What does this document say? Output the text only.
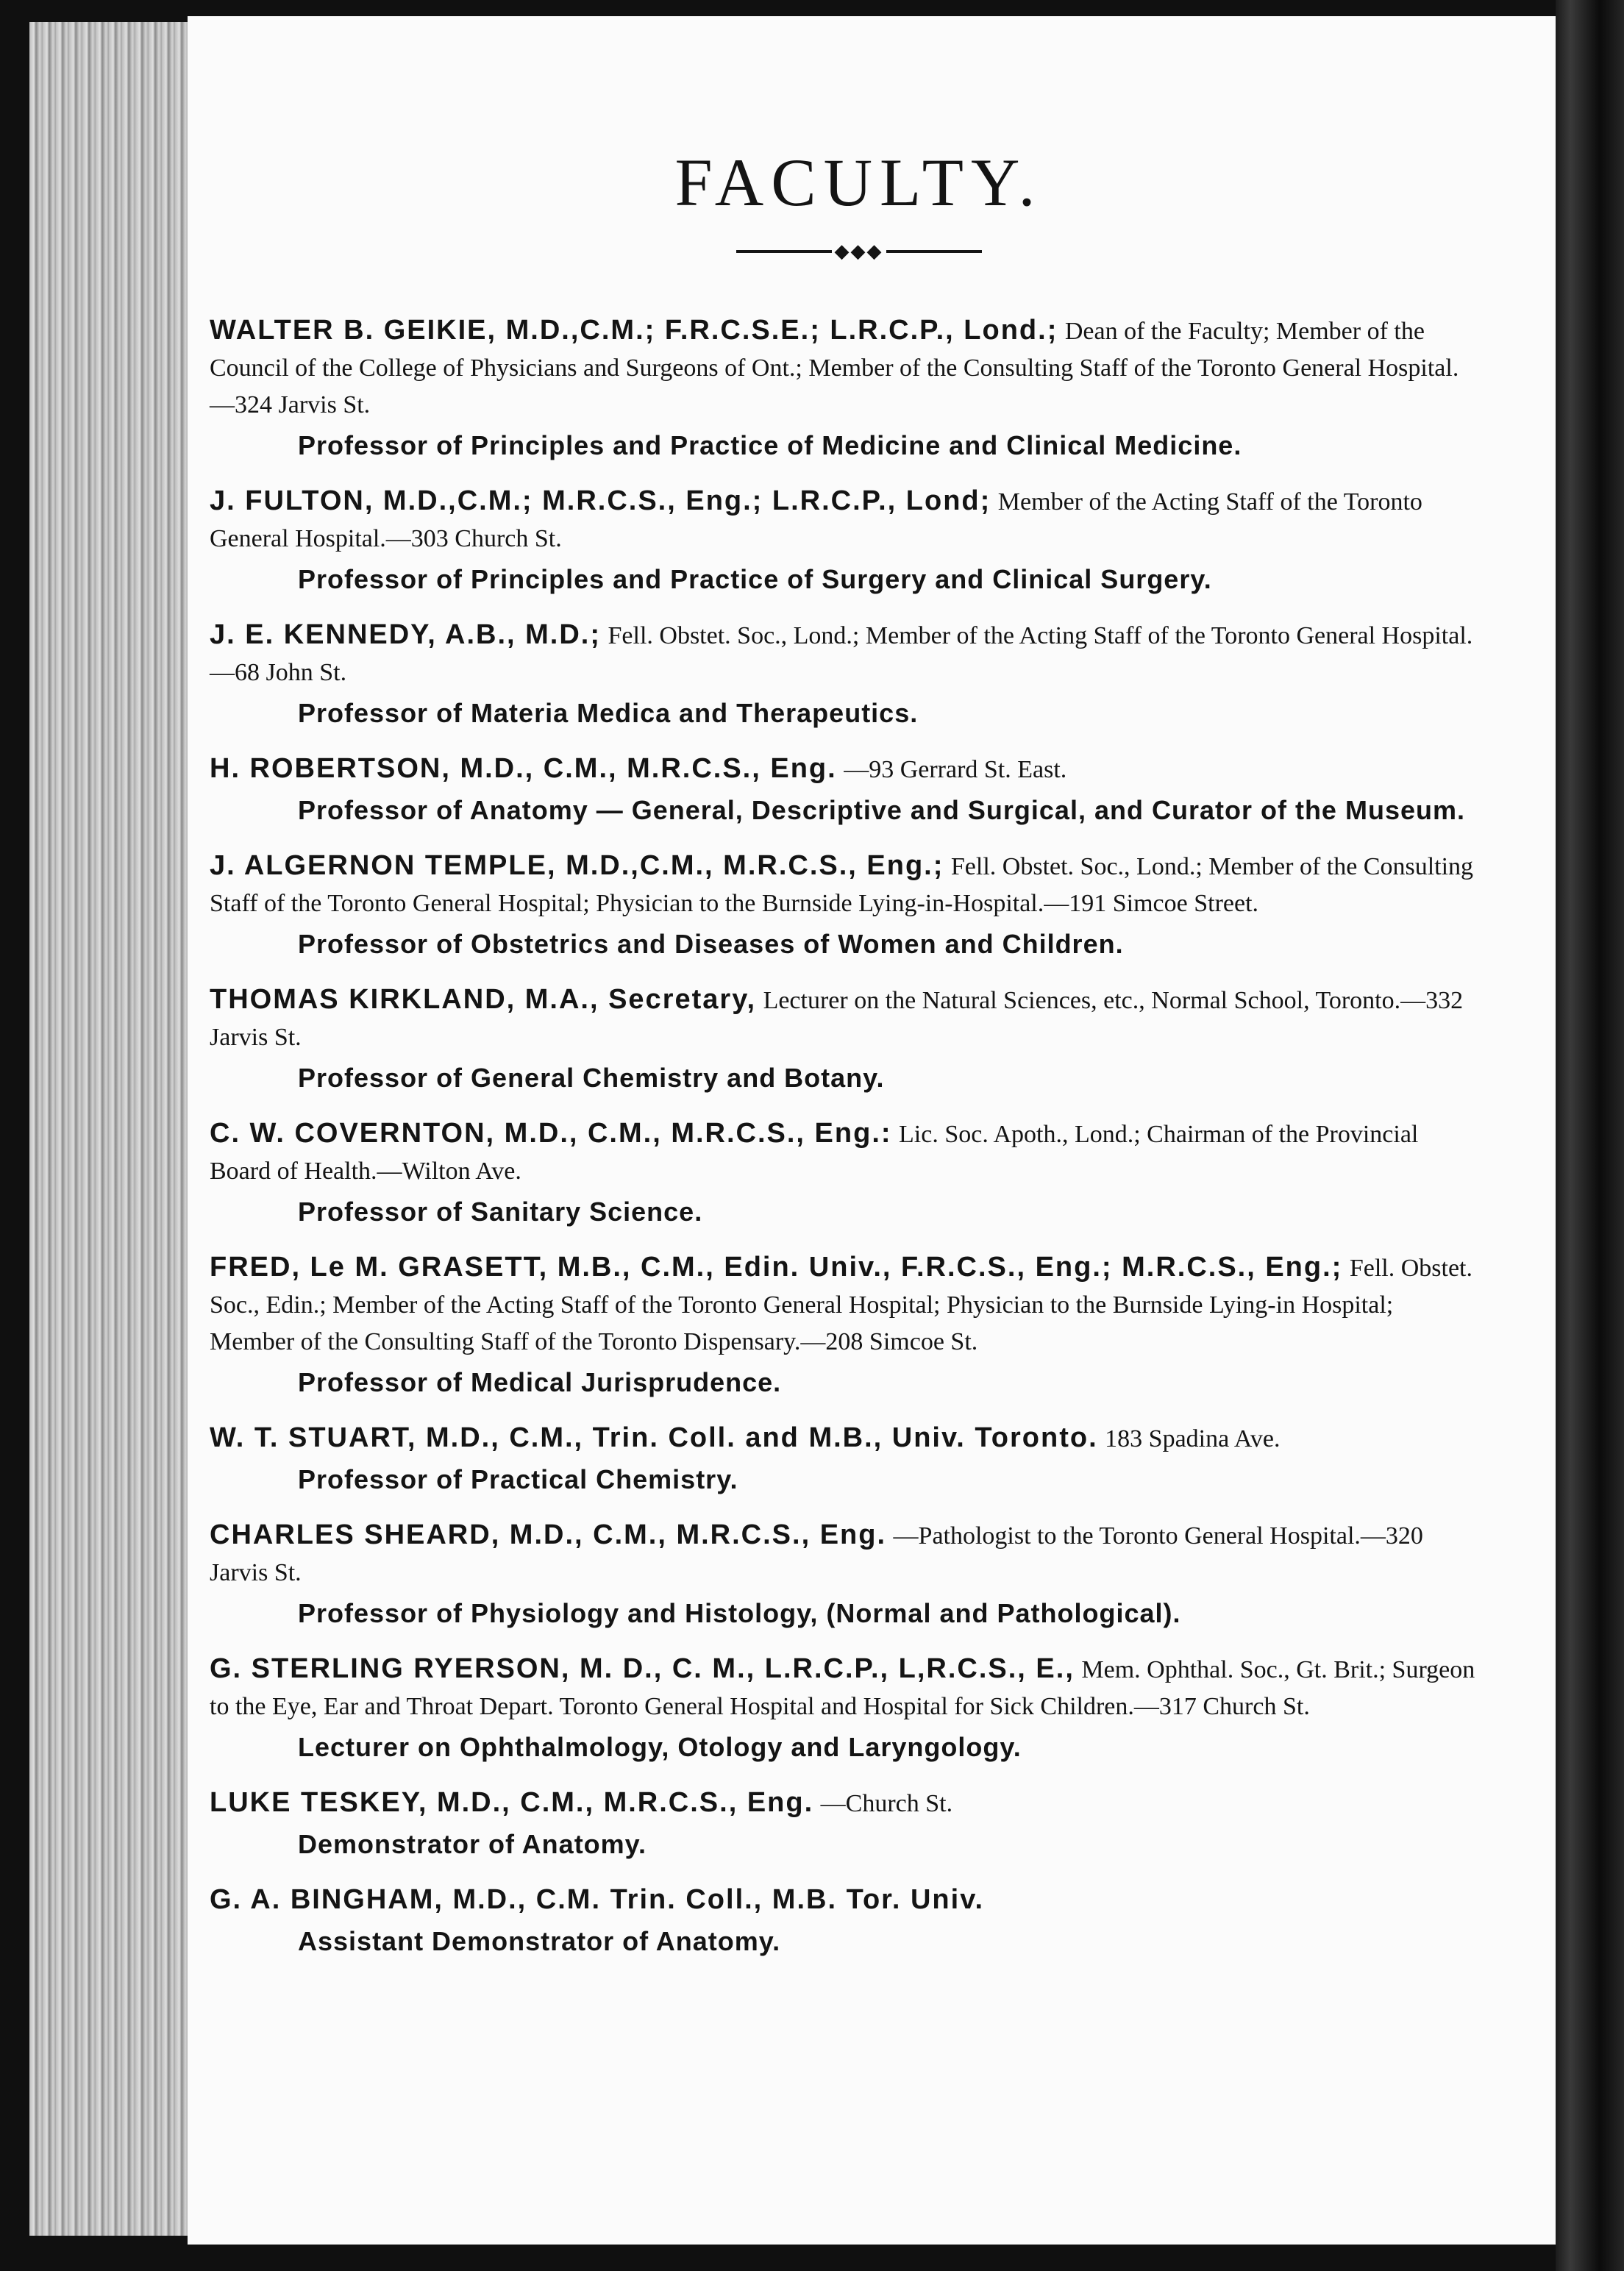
FACULTY.
◆◆◆

WALTER B. GEIKIE, M.D.,C.M.; F.R.C.S.E.; L.R.C.P., Lond.; Dean of the Faculty; Member of the Council of the College of Physicians and Surgeons of Ont.; Member of the Consulting Staff of the Toronto General Hospital.—324 Jarvis St.

Professor of Principles and Practice of Medicine and Clinical Medicine.

J. FULTON, M.D.,C.M.; M.R.C.S., Eng.; L.R.C.P., Lond; Member of the Acting Staff of the Toronto General Hospital.—303 Church St.

Professor of Principles and Practice of Surgery and Clinical Surgery.

J. E. KENNEDY, A.B., M.D.; Fell. Obstet. Soc., Lond.; Member of the Acting Staff of the Toronto General Hospital.—68 John St.

Professor of Materia Medica and Therapeutics.

H. ROBERTSON, M.D., C.M., M.R.C.S., Eng. —93 Gerrard St. East.

Professor of Anatomy — General, Descriptive and Surgical, and Curator of the Museum.

J. ALGERNON TEMPLE, M.D.,C.M., M.R.C.S., Eng.; Fell. Obstet. Soc., Lond.; Member of the Consulting Staff of the Toronto General Hospital; Physician to the Burnside Lying-in-Hospital.—191 Simcoe Street.

Professor of Obstetrics and Diseases of Women and Children.

THOMAS KIRKLAND, M.A., Secretary, Lecturer on the Natural Sciences, etc., Normal School, Toronto.—332 Jarvis St.

Professor of General Chemistry and Botany.

C. W. COVERNTON, M.D., C.M., M.R.C.S., Eng.: Lic. Soc. Apoth., Lond.; Chairman of the Provincial Board of Health.—Wilton Ave.

Professor of Sanitary Science.

FRED, Le M. GRASETT, M.B., C.M., Edin. Univ., F.R.C.S., Eng.; M.R.C.S., Eng.; Fell. Obstet. Soc., Edin.; Member of the Acting Staff of the Toronto General Hospital; Physician to the Burnside Lying-in Hospital; Member of the Consulting Staff of the Toronto Dispensary.—208 Simcoe St.

Professor of Medical Jurisprudence.

W. T. STUART, M.D., C.M., Trin. Coll. and M.B., Univ. Toronto. 183 Spadina Ave.

Professor of Practical Chemistry.

CHARLES SHEARD, M.D., C.M., M.R.C.S., Eng. —Pathologist to the Toronto General Hospital.—320 Jarvis St.

Professor of Physiology and Histology, (Normal and Pathological).

G. STERLING RYERSON, M. D., C. M., L.R.C.P., L,R.C.S., E., Mem. Ophthal. Soc., Gt. Brit.; Surgeon to the Eye, Ear and Throat Depart. Toronto General Hospital and Hospital for Sick Children.—317 Church St.

Lecturer on Ophthalmology, Otology and Laryngology.

LUKE TESKEY, M.D., C.M., M.R.C.S., Eng. —Church St.

Demonstrator of Anatomy.

G. A. BINGHAM, M.D., C.M. Trin. Coll., M.B. Tor. Univ.

Assistant Demonstrator of Anatomy.
